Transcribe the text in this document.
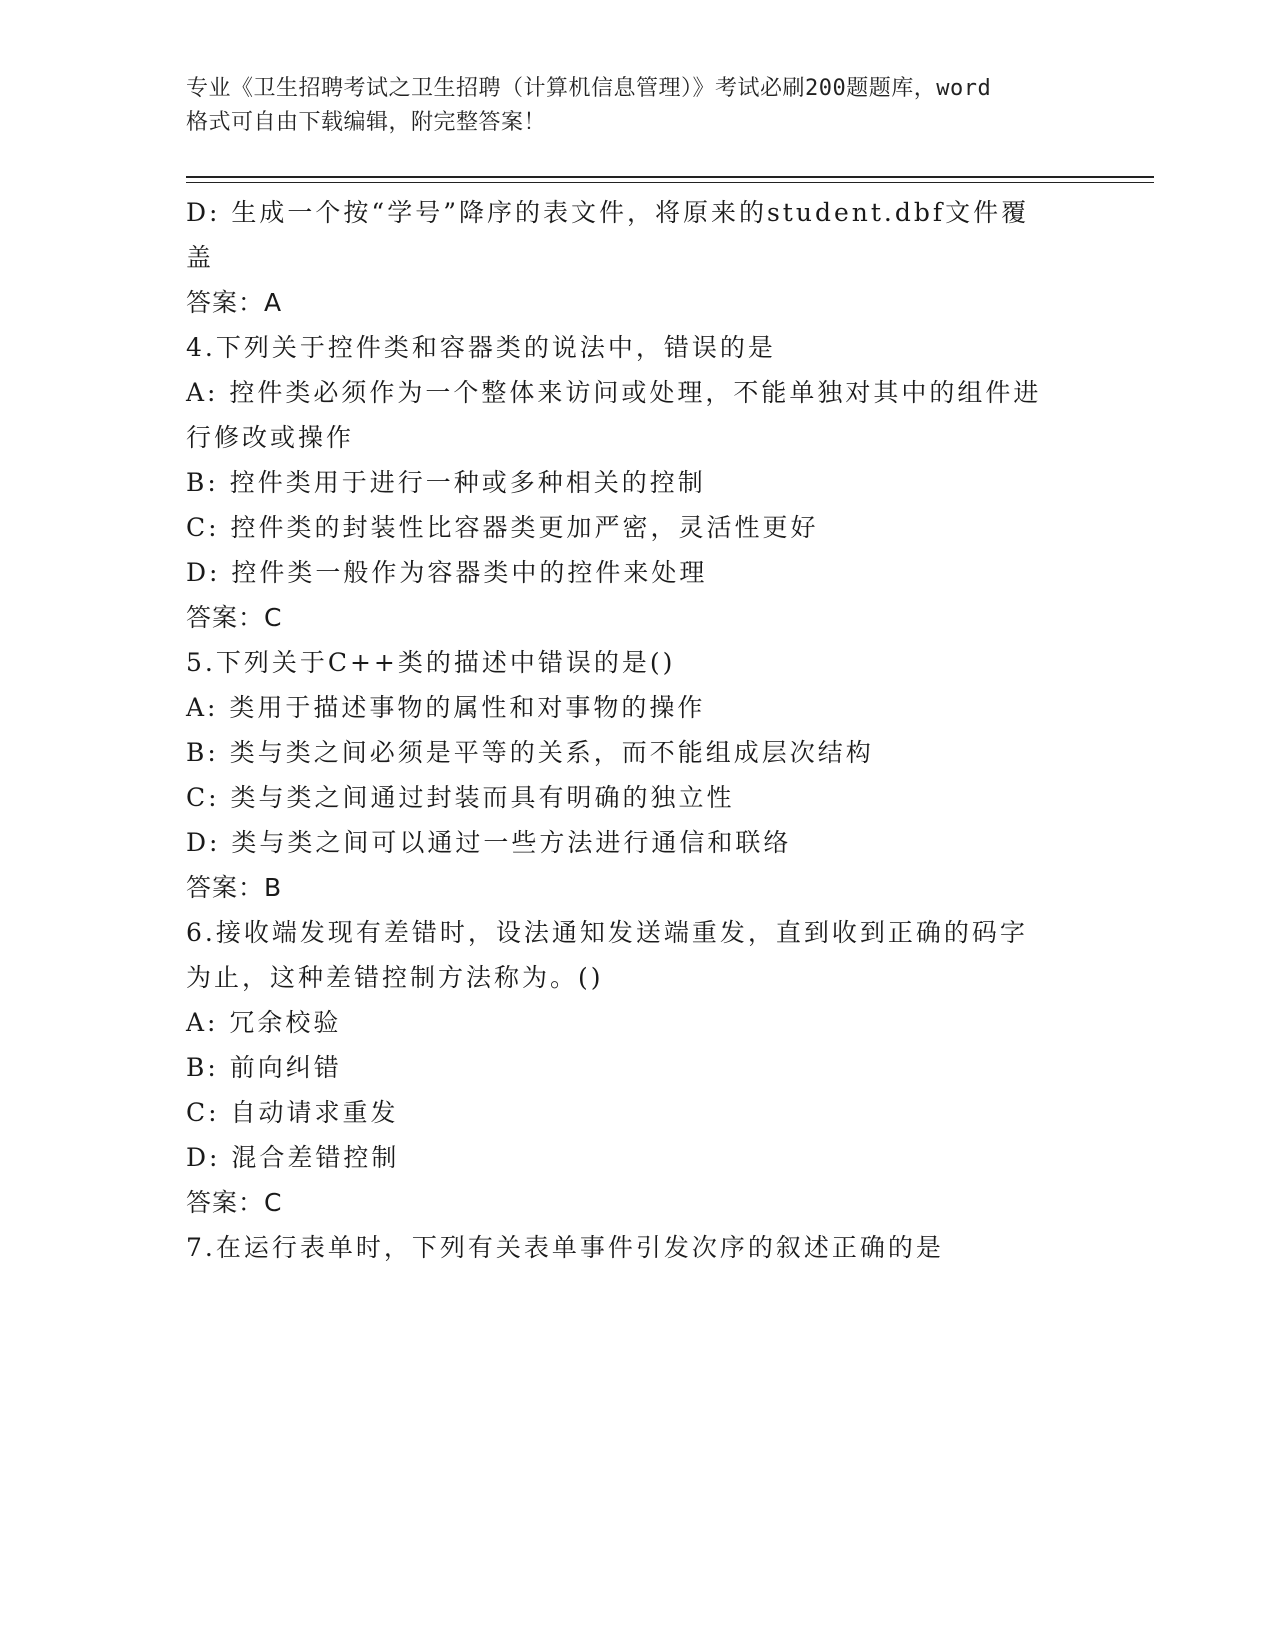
专业《卫生招聘考试之卫生招聘（计算机信息管理）》考试必刷200题题库，word
格式可自由下载编辑，附完整答案！
D: 生成一个按“学号”降序的表文件，将原来的student.dbf文件覆
盖
答案：A
4.下列关于控件类和容器类的说法中，错误的是
A: 控件类必须作为一个整体来访问或处理，不能单独对其中的组件进
行修改或操作
B: 控件类用于进行一种或多种相关的控制
C: 控件类的封装性比容器类更加严密，灵活性更好
D: 控件类一般作为容器类中的控件来处理
答案：C
5.下列关于C++类的描述中错误的是()
A: 类用于描述事物的属性和对事物的操作
B: 类与类之间必须是平等的关系，而不能组成层次结构
C: 类与类之间通过封装而具有明确的独立性
D: 类与类之间可以通过一些方法进行通信和联络
答案：B
6.接收端发现有差错时，设法通知发送端重发，直到收到正确的码字
为止，这种差错控制方法称为。()
A: 冗余校验
B: 前向纠错
C: 自动请求重发
D: 混合差错控制
答案：C
7.在运行表单时，下列有关表单事件引发次序的叙述正确的是
